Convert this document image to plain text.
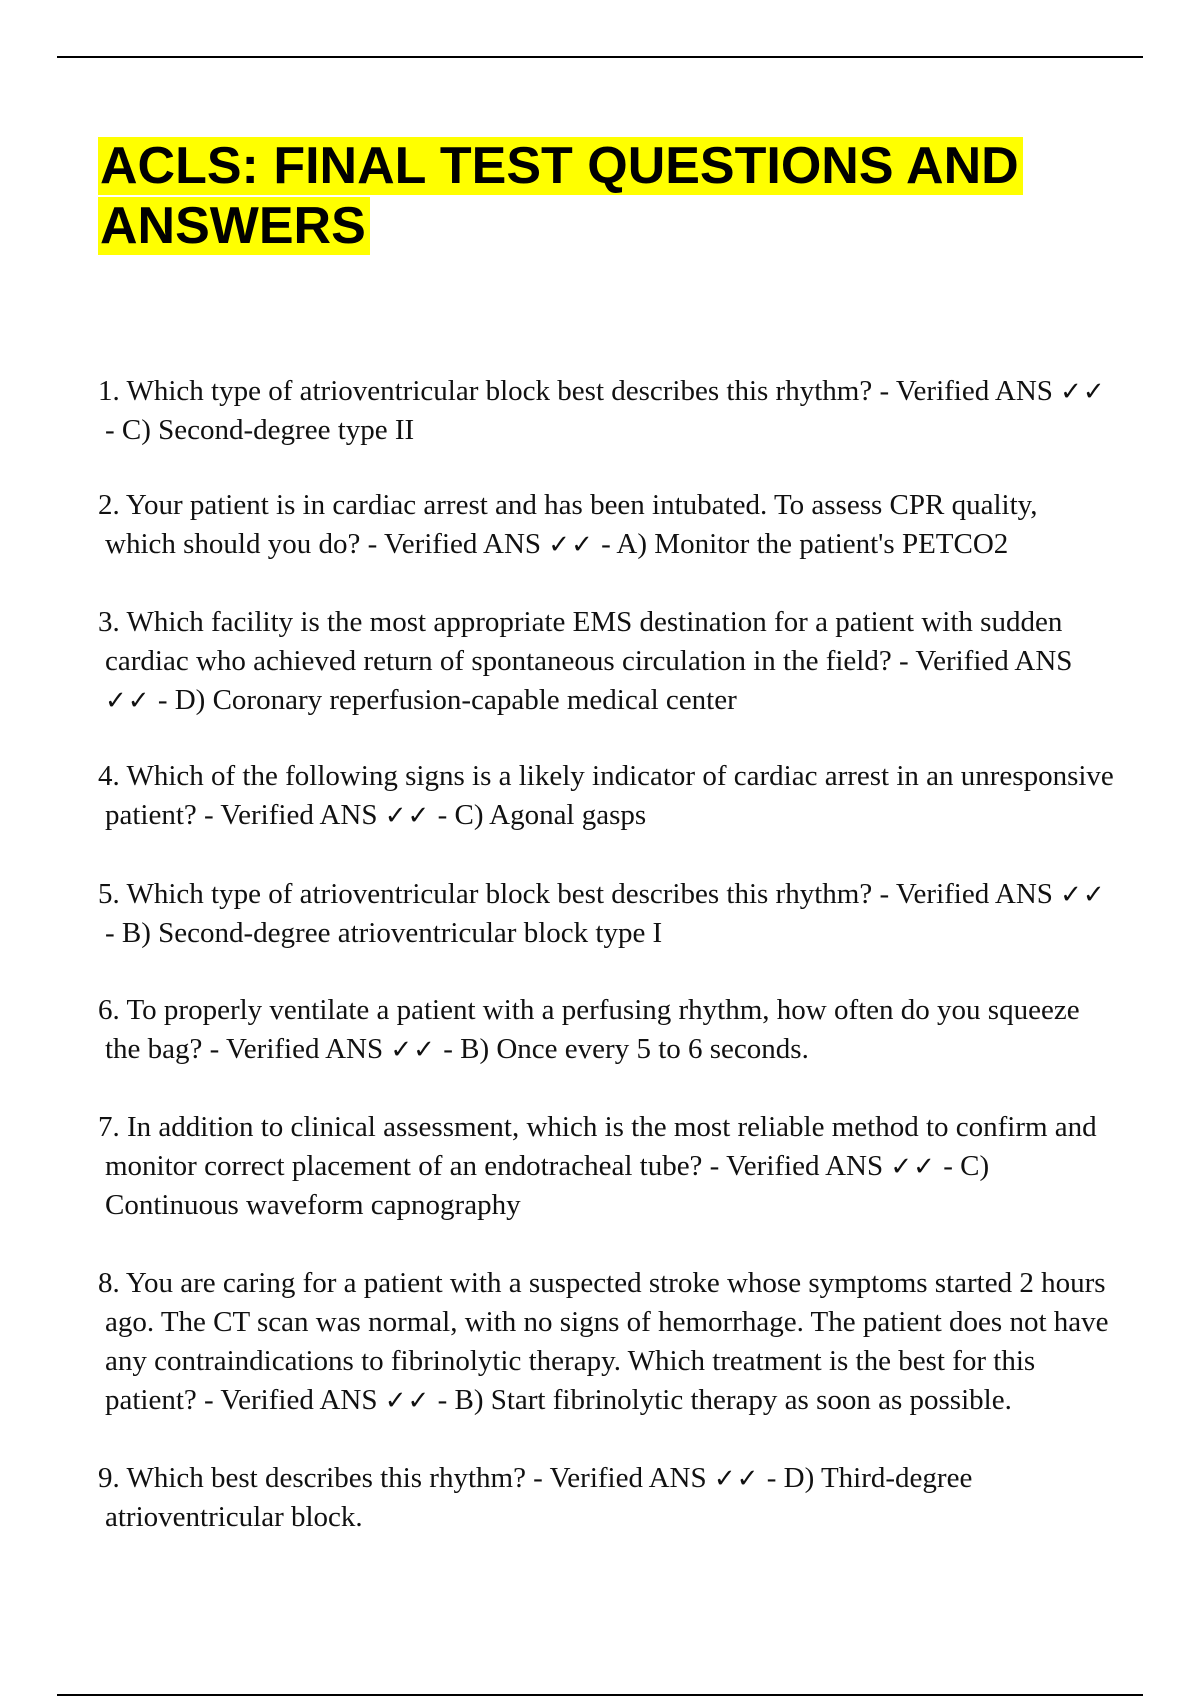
ACLS: FINAL TEST QUESTIONS AND ANSWERS
1. Which type of atrioventricular block best describes this rhythm? - Verified ANS ✓✓
- C) Second-degree type II
2. Your patient is in cardiac arrest and has been intubated. To assess CPR quality,
which should you do? - Verified ANS ✓✓ - A) Monitor the patient's PETCO2
3. Which facility is the most appropriate EMS destination for a patient with sudden
cardiac who achieved return of spontaneous circulation in the field? - Verified ANS
✓✓ - D) Coronary reperfusion-capable medical center
4. Which of the following signs is a likely indicator of cardiac arrest in an unresponsive
patient? - Verified ANS ✓✓ - C) Agonal gasps
5. Which type of atrioventricular block best describes this rhythm? - Verified ANS ✓✓
- B) Second-degree atrioventricular block type I
6. To properly ventilate a patient with a perfusing rhythm, how often do you squeeze
the bag? - Verified ANS ✓✓ - B) Once every 5 to 6 seconds.
7. In addition to clinical assessment, which is the most reliable method to confirm and
monitor correct placement of an endotracheal tube? - Verified ANS ✓✓ - C)
Continuous waveform capnography
8. You are caring for a patient with a suspected stroke whose symptoms started 2 hours
ago. The CT scan was normal, with no signs of hemorrhage. The patient does not have
any contraindications to fibrinolytic therapy. Which treatment is the best for this
patient? - Verified ANS ✓✓ - B) Start fibrinolytic therapy as soon as possible.
9. Which best describes this rhythm? - Verified ANS ✓✓ - D) Third-degree
atrioventricular block.
